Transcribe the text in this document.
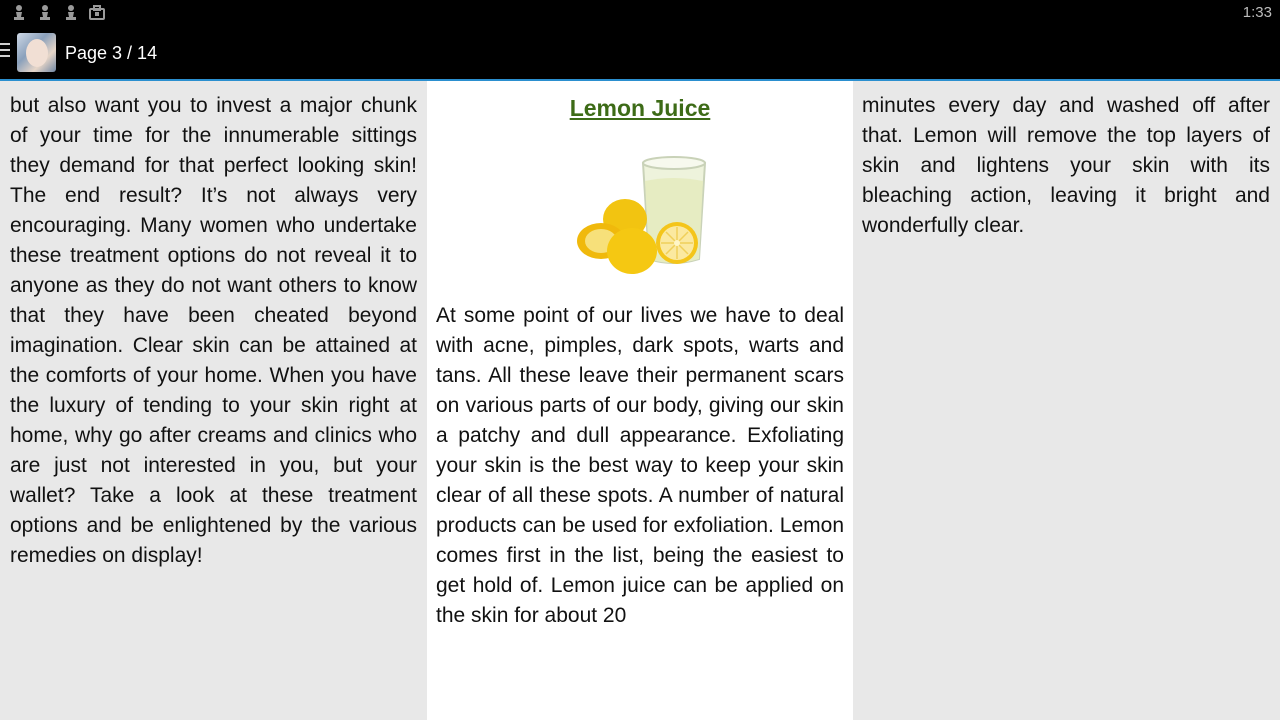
1:33
Page 3 / 14

but also want you to invest a major chunk of your time for the innumerable sittings they demand for that perfect looking skin! The end result? It’s not always very encouraging. Many women who undertake these treatment options do not reveal it to anyone as they do not want others to know that they have been cheated beyond imagination. Clear skin can be attained at the comforts of your home. When you have the luxury of tending to your skin right at home, why go after creams and clinics who are just not interested in you, but your wallet? Take a look at these treatment options and be enlightened by the various remedies on display!

Lemon Juice

At some point of our lives we have to deal with acne, pimples, dark spots, warts and tans. All these leave their permanent scars on various parts of our body, giving our skin a patchy and dull appearance. Exfoliating your skin is the best way to keep your skin clear of all these spots. A number of natural products can be used for exfoliation. Lemon comes first in the list, being the easiest to get hold of. Lemon juice can be applied on the skin for about 20

minutes every day and washed off after that. Lemon will remove the top layers of skin and lightens your skin with its bleaching action, leaving it bright and wonderfully clear.
